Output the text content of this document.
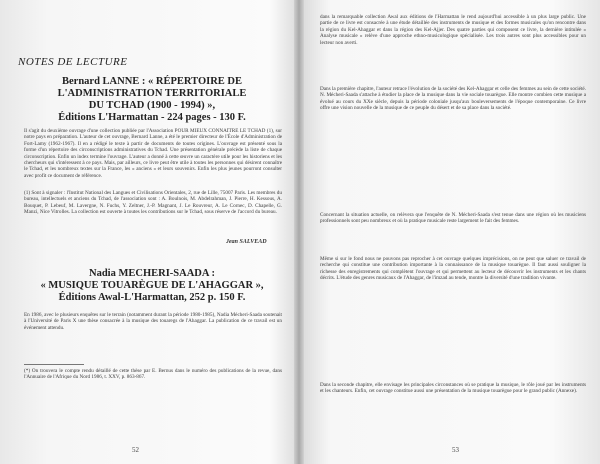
NOTES DE LECTURE
Bernard LANNE : « RÉPERTOIRE DE
L'ADMINISTRATION TERRITORIALE
DU TCHAD (1900 - 1994) »,
Éditions L'Harmattan - 224 pages - 130 F.
Il s'agit du deuxième ouvrage d'une collection publiée par l'Association POUR MIEUX CONNAÎTRE LE TCHAD (1), sur notre pays en préparation. L'auteur de cet ouvrage, Bernard Lanne, a été le premier directeur de l'École d'Administration de Fort-Lamy (1962-1967). Il en a rédigé le texte à partir de documents de toutes origines. L'ouvrage est présenté sous la forme d'un répertoire des circonscriptions administratives du Tchad. Une présentation générale précède la liste de chaque circonscription. Enfin un index termine l'ouvrage. L'auteur a donné à cette œuvre un caractère utile pour les historiens et les chercheurs qui s'intéressent à ce pays. Mais, par ailleurs, ce livre peut être utile à toutes les personnes qui désirent connaître le Tchad, et les nombreux textes sur la France, les « anciens » et leurs souvenirs. Enfin les plus jeunes pourront consulter avec profit ce document de référence.
(1) Sont à signaler : l'Institut National des Langues et Civilisations Orientales, 2, rue de Lille, 75007 Paris. Les membres du bureau, intellectuels et anciens du Tchad, de l'association sont : A. Boulnois, M. Abdelrahman, J. Pierre, H. Kessous, A. Bouquet, P. Lebeuf, M. Lavergne, N. Fuchs, Y. Zeltner, J.-P. Magnant, J. Le Rouvreur, A. Le Cornec, D. Chapelle, G. Manzi, Nice Vitrolles. La collection est ouverte à toutes les contributions sur le Tchad, sous réserve de l'accord du bureau.
Jean SALVEAD
Nadia MECHERI-SAADA :
« MUSIQUE TOUARÈGUE DE L'AHAGGAR »,
Éditions Awal-L'Harmattan, 252 p. 150 F.
En 1986, avec le plusieurs enquêtes sur le terrain (notamment durant la période 1980-1985), Nadia Mécheri-Saada soutenait à l'Université de Paris X une thèse consacrée à la musique des touaregs de l'Ahaggar. La publication de ce travail est un événement attendu.
(*) On trouvera le compte rendu détaillé de cette thèse par E. Bernus dans le numéro des publications de la revue, dans l'Annuaire de l'Afrique du Nord 1986, t. XXV, p. 863-867.
52
dans la remarquable collection Awal aux éditions de l'Harmattan le rend aujourd'hui accessible à un plus large public. Une partie de ce livre est consacrée à une étude détaillée des instruments de musique et des formes musicales qu'on rencontre dans la région du Kel-Ahaggar et dans la région des Kel-Ajjer. Des quatre parties qui composent ce livre, la dernière intitulée « Analyse musicale » relève d'une approche ethno-musicologique spécialisée. Les trois autres sont plus accessibles pour un lecteur non averti.
Dans la première chapitre, l'auteur retrace l'évolution de la société des Kel-Ahaggar et celle des femmes au sein de cette société. N. Mécheri-Saada s'attache à étudier la place de la musique dans la vie sociale touarègue. Elle montre combien cette musique a évolué au cours du XXe siècle, depuis la période coloniale jusqu'aux bouleversements de l'époque contemporaine. Ce livre offre une vision nouvelle de la musique de ce peuple du désert et de sa place dans la société.
Concernant la situation actuelle, on relèvera que l'enquête de N. Mécheri-Saada s'est tenue dans une région où les musiciens professionnels sont peu nombreux et où la pratique musicale reste largement le fait des femmes.
Même si sur le fond nous ne pouvons pas reprocher à cet ouvrage quelques imprécisions, on ne peut que saluer ce travail de recherche qui constitue une contribution importante à la connaissance de la musique touarègue. Il faut aussi souligner la richesse des enregistrements qui complètent l'ouvrage et qui permettent au lecteur de découvrir les instruments et les chants décrits. L'étude des genres musicaux de l'Ahaggar, de l'imzad au tende, montre la diversité d'une tradition vivante.
Dans la seconde chapitre, elle envisage les principales circonstances où se pratique la musique, le rôle joué par les instruments et les chanteurs. Enfin, cet ouvrage constitue aussi une présentation de la musique touarègue pour le grand public (Annexe).
53
